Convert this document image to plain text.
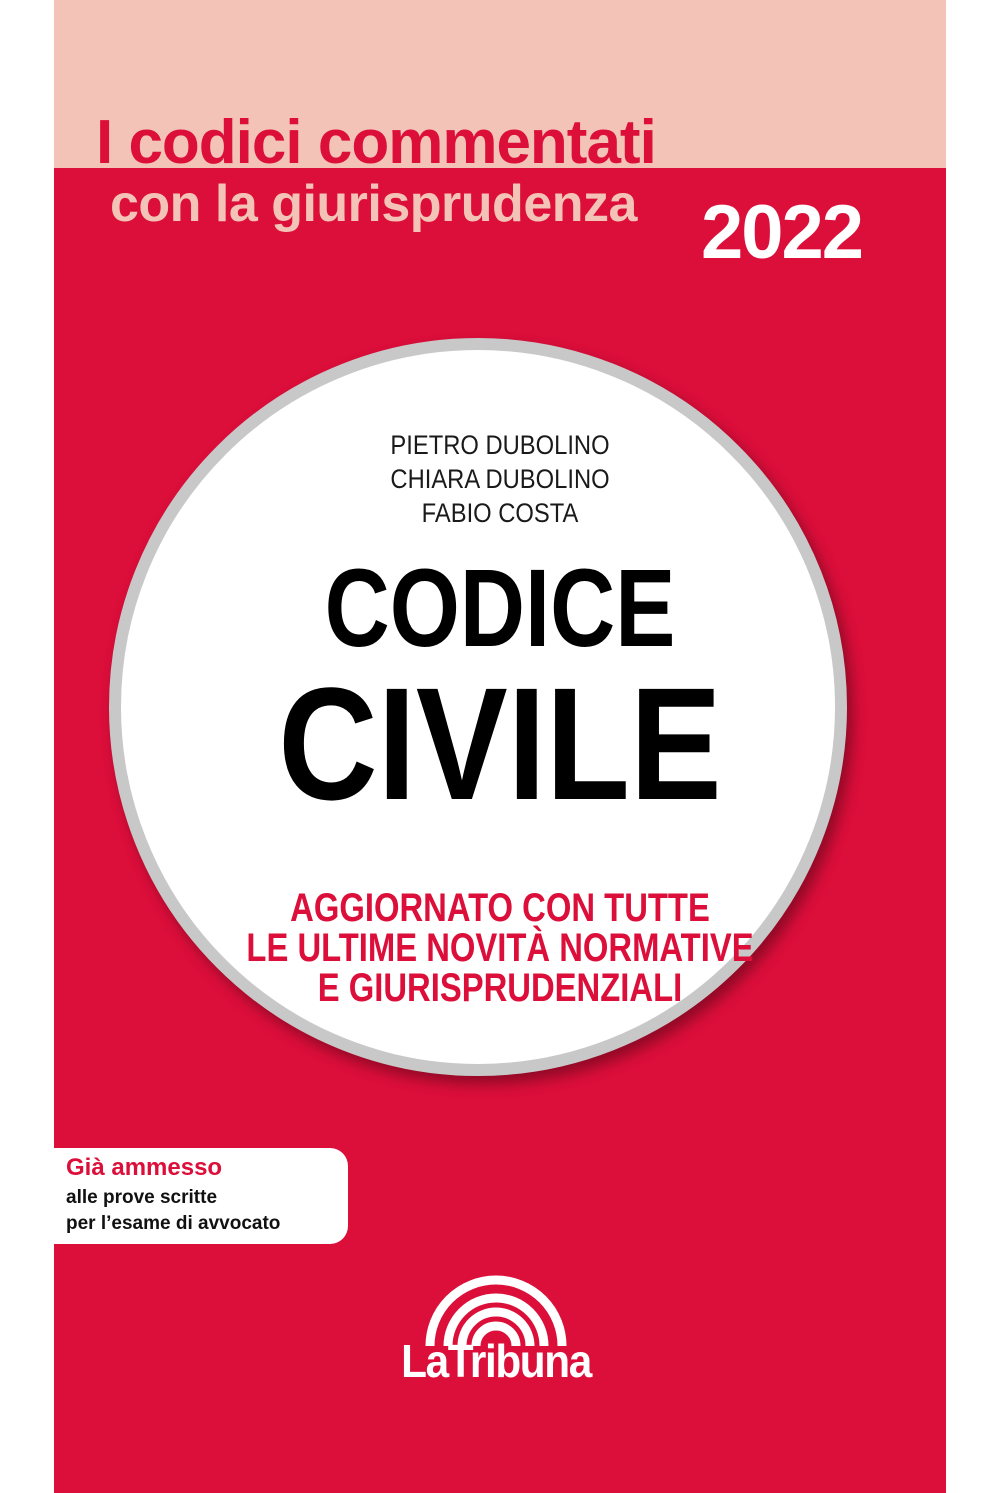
I codici commentati

con la giurisprudenza 2022

PIETRO DUBOLINO
CHIARA DUBOLINO
FABIO COSTA

CODICE

CIVILE

AGGIORNATO CON TUTTE
LE ULTIME NOVITÀ NORMATIVE
E GIURISPRUDENZIALI

Già ammesso

alle prove scritte

per l’esame di avvocato

LaTribuna
